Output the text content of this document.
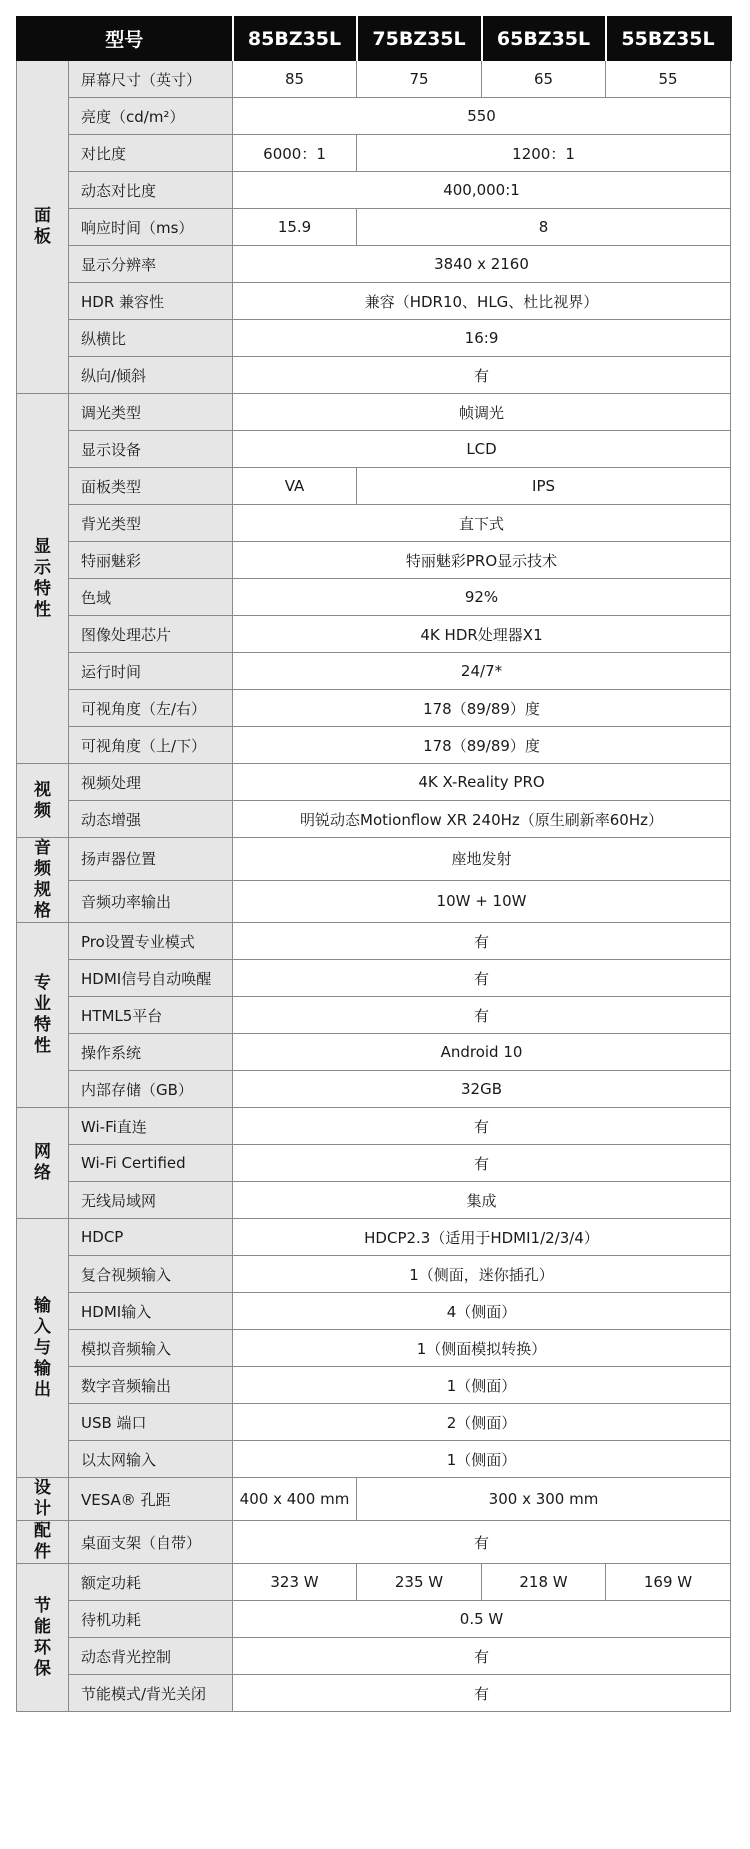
型号		85BZ35L	75BZ35L	65BZ35L	55BZ35L
面板	屏幕尺寸（英寸）	85	75	65	55
	亮度（cd/m²）	550			
	对比度	6000：1	1200：1		
	动态对比度	400,000:1			
	响应时间（ms）	15.9	8		
	显示分辨率	3840 x 2160			
	HDR 兼容性	兼容（HDR10、HLG、杜比视界）			
	纵横比	16:9			
	纵向/倾斜	有			
显示特性	调光类型	帧调光			
	显示设备	LCD			
	面板类型	VA	IPS		
	背光类型	直下式			
	特丽魅彩	特丽魅彩PRO显示技术			
	色域	92%			
	图像处理芯片	4K HDR处理器X1			
	运行时间	24/7*			
	可视角度（左/右）	178（89/89）度			
	可视角度（上/下）	178（89/89）度			
视频	视频处理	4K X-Reality PRO			
	动态增强	明锐动态Motionflow XR 240Hz（原生刷新率60Hz）			
音频规格	扬声器位置	座地发射			
	音频功率输出	10W + 10W			
专业特性	Pro设置专业模式	有			
	HDMI信号自动唤醒	有			
	HTML5平台	有			
	操作系统	Android 10			
	内部存储（GB）	32GB			
网络	Wi-Fi直连	有			
	Wi-Fi Certified	有			
	无线局域网	集成			
输入与输出	HDCP	HDCP2.3（适用于HDMI1/2/3/4）			
	复合视频输入	1（侧面，迷你插孔）			
	HDMI输入	4（侧面）			
	模拟音频输入	1（侧面模拟转换）			
	数字音频输出	1（侧面）			
	USB 端口	2（侧面）			
	以太网输入	1（侧面）			
设计	VESA® 孔距	400 x 400 mm	300 x 300 mm		
配件	桌面支架（自带）	有			
节能环保	额定功耗	323 W	235 W	218 W	169 W
	待机功耗	0.5 W			
	动态背光控制	有			
	节能模式/背光关闭	有			
